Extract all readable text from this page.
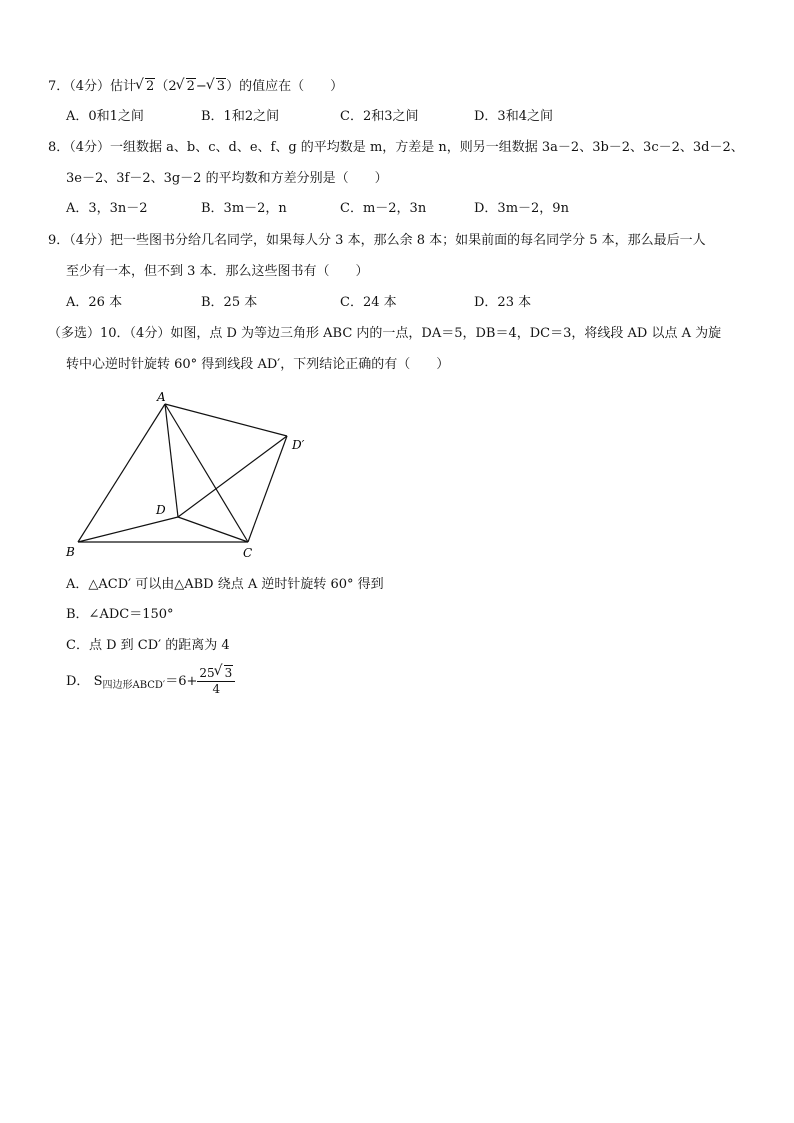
7．（4分）估计 √ 2（2 √ 2− √ 3）的值应在（　　）
A．0和1之间	B．1和2之间	C．2和3之间	D．3和4之间
8．（4分）一组数据 a、b、c、d、e、f、g 的平均数是 m，方差是 n，则另一组数据 3a－2、3b－2、3c－2、3d－2、
3e－2、3f－2、3g－2 的平均数和方差分别是（　　）
A．3，3n－2	B．3m－2，n	C．m－2，3n	D．3m－2，9n
9．（4分）把一些图书分给几名同学，如果每人分 3 本，那么余 8 本；如果前面的每名同学分 5 本，那么最后一人
至少有一本，但不到 3 本．那么这些图书有（　　）
A．26 本	B．25 本	C．24 本	D．23 本
（多选）10．（4分）如图，点 D 为等边三角形 ABC 内的一点，DA＝5，DB＝4，DC＝3，将线段 AD 以点 A 为旋
转中心逆时针旋转 60° 得到线段 AD′，下列结论正确的有（　　）
A
B	C
D
D′
A．△ACD′ 可以由△ABD 绕点 A 逆时针旋转 60° 得到
B．∠ADC＝150°
C．点 D 到 CD′ 的距离为 4
D． $S_{四边形ABCD'}=6+ \frac{25 √ 3}{4}$
